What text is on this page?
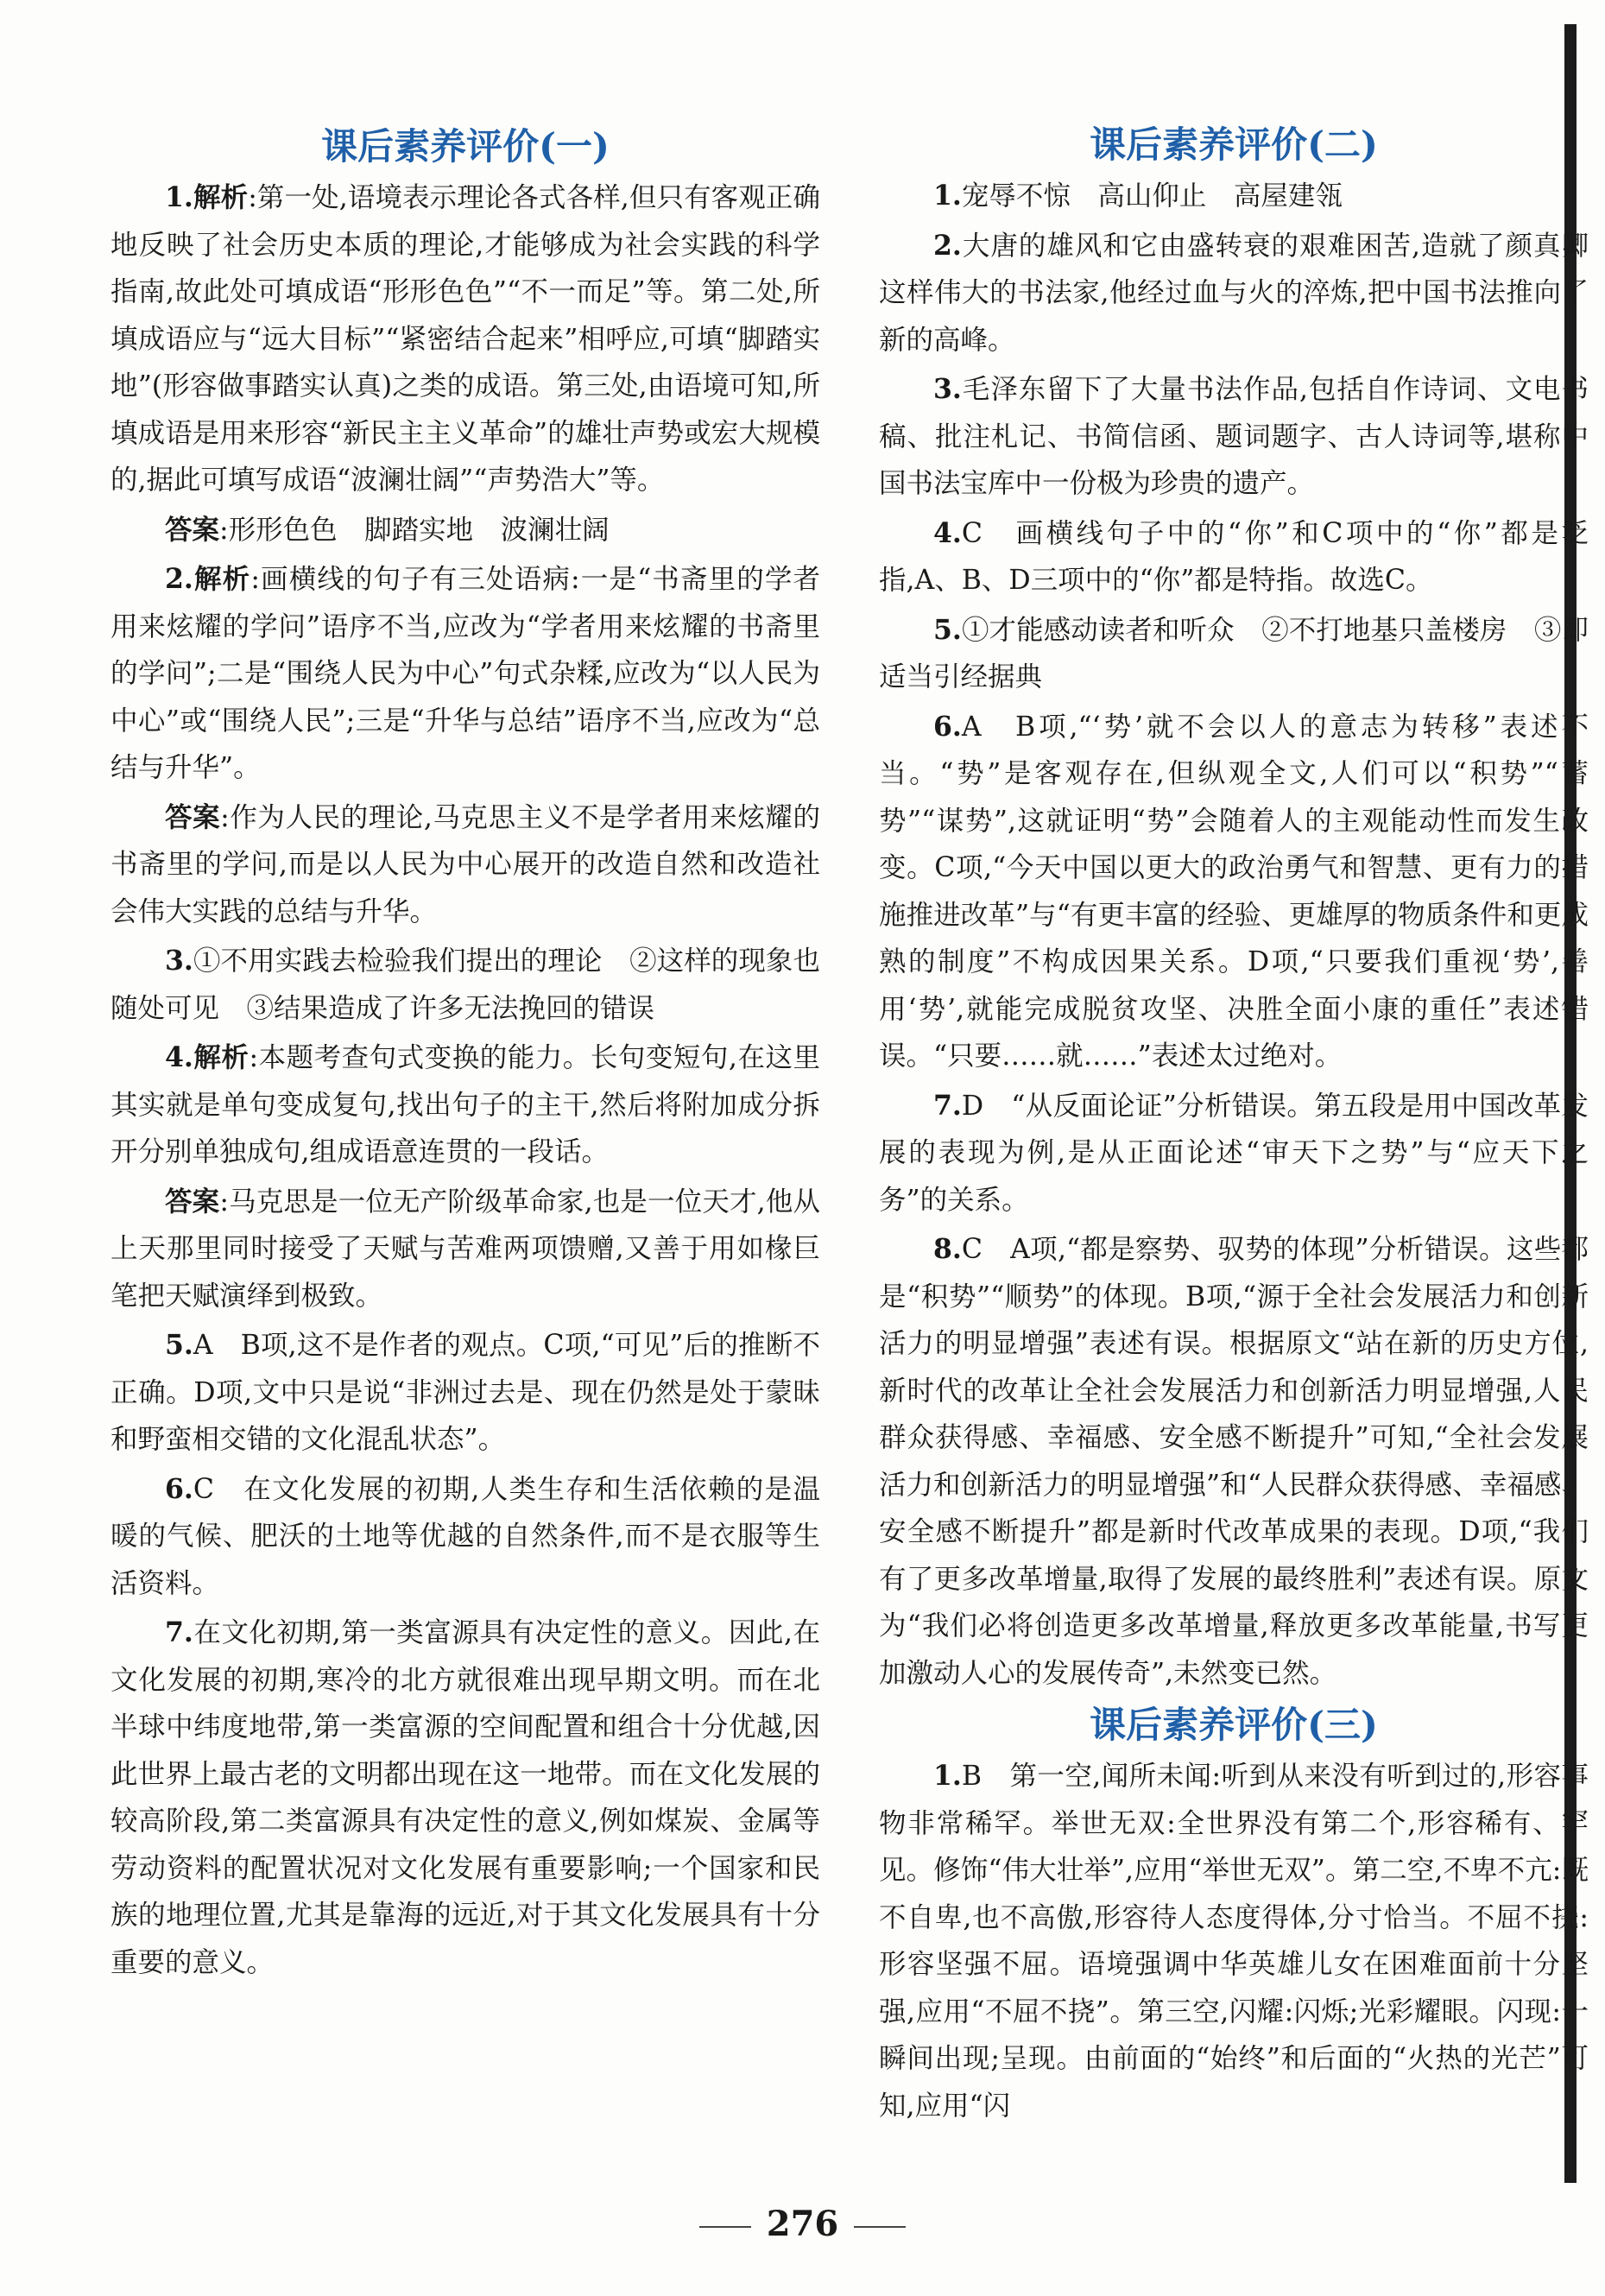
课后素养评价(一)

1.解析:第一处,语境表示理论各式各样,但只有客观正确地反映了社会历史本质的理论,才能够成为社会实践的科学指南,故此处可填成语“形形色色”“不一而足”等。第二处,所填成语应与“远大目标”“紧密结合起来”相呼应,可填“脚踏实地”(形容做事踏实认真)之类的成语。第三处,由语境可知,所填成语是用来形容“新民主主义革命”的雄壮声势或宏大规模的,据此可填写成语“波澜壮阔”“声势浩大”等。

答案:形形色色　脚踏实地　波澜壮阔

2.解析:画横线的句子有三处语病:一是“书斋里的学者用来炫耀的学问”语序不当,应改为“学者用来炫耀的书斋里的学问”;二是“围绕人民为中心”句式杂糅,应改为“以人民为中心”或“围绕人民”;三是“升华与总结”语序不当,应改为“总结与升华”。

答案:作为人民的理论,马克思主义不是学者用来炫耀的书斋里的学问,而是以人民为中心展开的改造自然和改造社会伟大实践的总结与升华。

3.①不用实践去检验我们提出的理论　②这样的现象也随处可见　③结果造成了许多无法挽回的错误

4.解析:本题考查句式变换的能力。长句变短句,在这里其实就是单句变成复句,找出句子的主干,然后将附加成分拆开分别单独成句,组成语意连贯的一段话。

答案:马克思是一位无产阶级革命家,也是一位天才,他从上天那里同时接受了天赋与苦难两项馈赠,又善于用如椽巨笔把天赋演绎到极致。

5.A　B项,这不是作者的观点。C项,“可见”后的推断不正确。D项,文中只是说“非洲过去是、现在仍然是处于蒙昧和野蛮相交错的文化混乱状态”。

6.C　在文化发展的初期,人类生存和生活依赖的是温暖的气候、肥沃的土地等优越的自然条件,而不是衣服等生活资料。

7.在文化初期,第一类富源具有决定性的意义。因此,在文化发展的初期,寒冷的北方就很难出现早期文明。而在北半球中纬度地带,第一类富源的空间配置和组合十分优越,因此世界上最古老的文明都出现在这一地带。而在文化发展的较高阶段,第二类富源具有决定性的意义,例如煤炭、金属等劳动资料的配置状况对文化发展有重要影响;一个国家和民族的地理位置,尤其是靠海的远近,对于其文化发展具有十分重要的意义。

课后素养评价(二)

1.宠辱不惊　高山仰止　高屋建瓴

2.大唐的雄风和它由盛转衰的艰难困苦,造就了颜真卿这样伟大的书法家,他经过血与火的淬炼,把中国书法推向了新的高峰。

3.毛泽东留下了大量书法作品,包括自作诗词、文电书稿、批注札记、书简信函、题词题字、古人诗词等,堪称中国书法宝库中一份极为珍贵的遗产。

4.C　画横线句子中的“你”和C项中的“你”都是泛指,A、B、D三项中的“你”都是特指。故选C。

5.①才能感动读者和听众　②不打地基只盖楼房　③即适当引经据典

6.A　B项,“‘势’就不会以人的意志为转移”表述不当。“势”是客观存在,但纵观全文,人们可以“积势”“蓄势”“谋势”,这就证明“势”会随着人的主观能动性而发生改变。C项,“今天中国以更大的政治勇气和智慧、更有力的措施推进改革”与“有更丰富的经验、更雄厚的物质条件和更成熟的制度”不构成因果关系。D项,“只要我们重视‘势’,善用‘势’,就能完成脱贫攻坚、决胜全面小康的重任”表述错误。“只要……就……”表述太过绝对。

7.D　“从反面论证”分析错误。第五段是用中国改革发展的表现为例,是从正面论述“审天下之势”与“应天下之务”的关系。

8.C　A项,“都是察势、驭势的体现”分析错误。这些都是“积势”“顺势”的体现。B项,“源于全社会发展活力和创新活力的明显增强”表述有误。根据原文“站在新的历史方位,新时代的改革让全社会发展活力和创新活力明显增强,人民群众获得感、幸福感、安全感不断提升”可知,“全社会发展活力和创新活力的明显增强”和“人民群众获得感、幸福感、安全感不断提升”都是新时代改革成果的表现。D项,“我们有了更多改革增量,取得了发展的最终胜利”表述有误。原文为“我们必将创造更多改革增量,释放更多改革能量,书写更加激动人心的发展传奇”,未然变已然。

课后素养评价(三)

1.B　第一空,闻所未闻:听到从来没有听到过的,形容事物非常稀罕。举世无双:全世界没有第二个,形容稀有、罕见。修饰“伟大壮举”,应用“举世无双”。第二空,不卑不亢:既不自卑,也不高傲,形容待人态度得体,分寸恰当。不屈不挠:形容坚强不屈。语境强调中华英雄儿女在困难面前十分坚强,应用“不屈不挠”。第三空,闪耀:闪烁;光彩耀眼。闪现:一瞬间出现;呈现。由前面的“始终”和后面的“火热的光芒”可知,应用“闪

276
